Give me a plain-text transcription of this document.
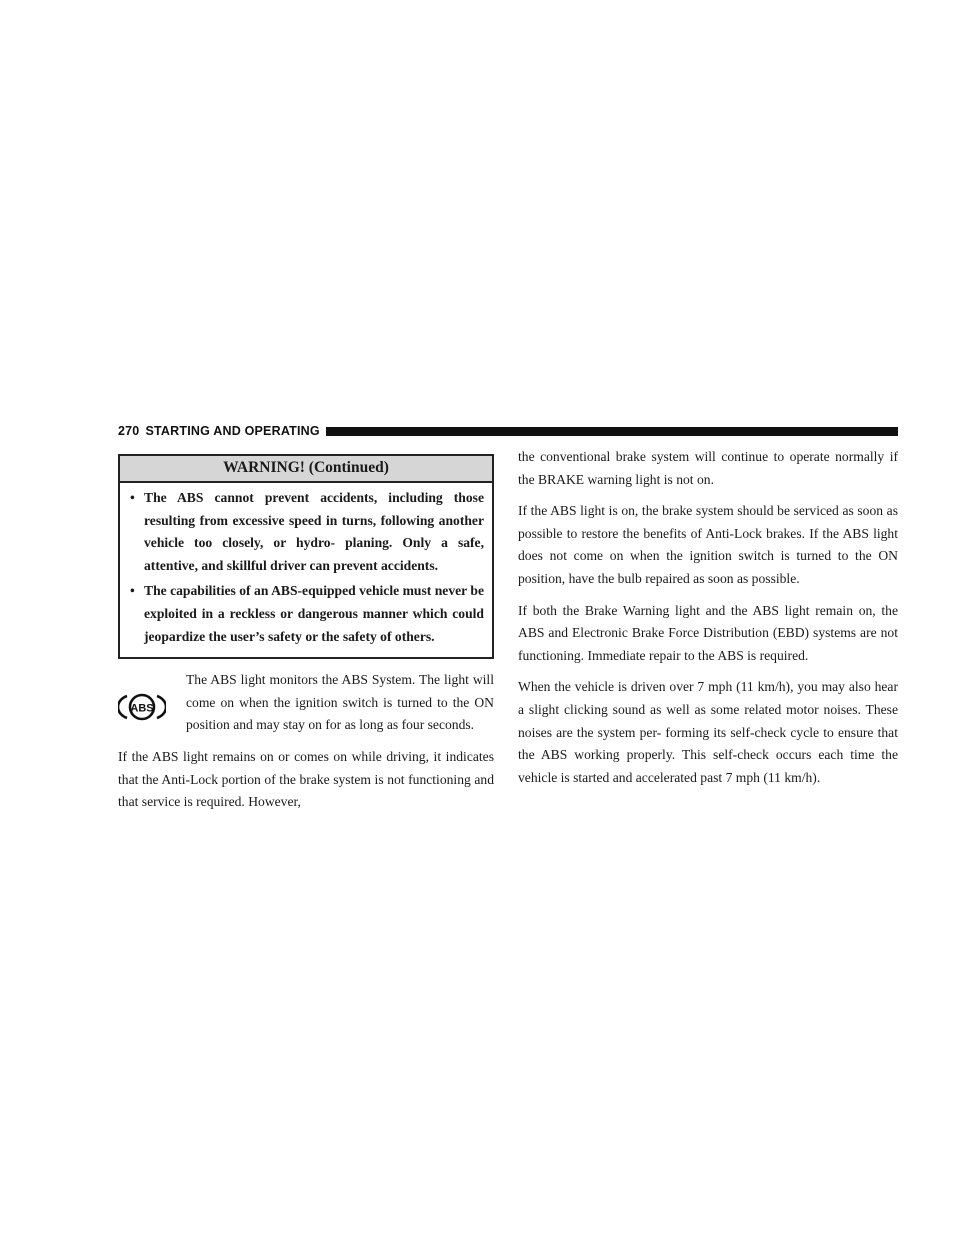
270 STARTING AND OPERATING
WARNING! (Continued)
• The ABS cannot prevent accidents, including those resulting from excessive speed in turns, following another vehicle too closely, or hydro- planing. Only a safe, attentive, and skillful driver can prevent accidents.
• The capabilities of an ABS-equipped vehicle must never be exploited in a reckless or dangerous manner which could jeopardize the user’s safety or the safety of others.
ABS
The ABS light monitors the ABS System. The light will come on when the ignition switch is turned to the ON position and may stay on for as long as four seconds.

If the ABS light remains on or comes on while driving, it indicates that the Anti-Lock portion of the brake system is not functioning and that service is required. However,

the conventional brake system will continue to operate normally if the BRAKE warning light is not on.

If the ABS light is on, the brake system should be serviced as soon as possible to restore the benefits of Anti-Lock brakes. If the ABS light does not come on when the ignition switch is turned to the ON position, have the bulb repaired as soon as possible.

If both the Brake Warning light and the ABS light remain on, the ABS and Electronic Brake Force Distribution (EBD) systems are not functioning. Immediate repair to the ABS is required.

When the vehicle is driven over 7 mph (11 km/h), you may also hear a slight clicking sound as well as some related motor noises. These noises are the system per- forming its self-check cycle to ensure that the ABS working properly. This self-check occurs each time the vehicle is started and accelerated past 7 mph (11 km/h).
